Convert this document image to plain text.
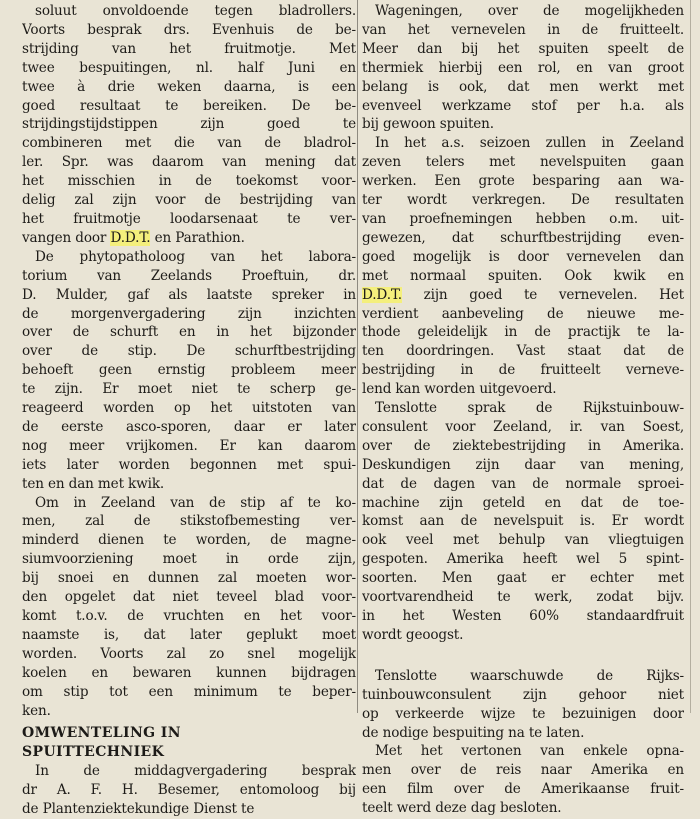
soluut onvoldoende tegen bladrollers.
Voorts besprak drs. Evenhuis de be-
strijding van het fruitmotje. Met
twee bespuitingen, nl. half Juni en
twee à drie weken daarna, is een
goed resultaat te bereiken. De be-
strijdingstijdstippen zijn goed te
combineren met die van de bladrol-
ler. Spr. was daarom van mening dat
het misschien in de toekomst voor-
delig zal zijn voor de bestrijding van
het fruitmotje loodarsenaat te ver-
vangen door D.D.T. en Parathion.

De phytopatholoog van het labora-
torium van Zeelands Proeftuin, dr.
D. Mulder, gaf als laatste spreker in
de morgenvergadering zijn inzichten
over de schurft en in het bijzonder
over de stip. De schurftbestrijding
behoeft geen ernstig probleem meer
te zijn. Er moet niet te scherp ge-
reageerd worden op het uitstoten van
de eerste asco-sporen, daar er later
nog meer vrijkomen. Er kan daarom
iets later worden begonnen met spui-
ten en dan met kwik.

Om in Zeeland van de stip af te ko-
men, zal de stikstofbemesting ver-
minderd dienen te worden, de magne-
siumvoorziening moet in orde zijn,
bij snoei en dunnen zal moeten wor-
den opgelet dat niet teveel blad voor-
komt t.o.v. de vruchten en het voor-
naamste is, dat later geplukt moet
worden. Voorts zal zo snel mogelijk
koelen en bewaren kunnen bijdragen
om stip tot een minimum te beper-
ken.

OMWENTELING IN
SPUITTECHNIEK

In de middagvergadering besprak
dr A. F. H. Besemer, entomoloog bij
de Plantenziektekundige Dienst te

Wageningen, over de mogelijkheden
van het vernevelen in de fruitteelt.
Meer dan bij het spuiten speelt de
thermiek hierbij een rol, en van groot
belang is ook, dat men werkt met
evenveel werkzame stof per h.a. als
bij gewoon spuiten.

In het a.s. seizoen zullen in Zeeland
zeven telers met nevelspuiten gaan
werken. Een grote besparing aan wa-
ter wordt verkregen. De resultaten
van proefnemingen hebben o.m. uit-
gewezen, dat schurftbestrijding even-
goed mogelijk is door vernevelen dan
met normaal spuiten. Ook kwik en
D.D.T. zijn goed te vernevelen. Het
verdient aanbeveling de nieuwe me-
thode geleidelijk in de practijk te la-
ten doordringen. Vast staat dat de
bestrijding in de fruitteelt verneve-
lend kan worden uitgevoerd.

Tenslotte sprak de Rijkstuinbouw-
consulent voor Zeeland, ir. van Soest,
over de ziektebestrijding in Amerika.
Deskundigen zijn daar van mening,
dat de dagen van de normale sproei-
machine zijn geteld en dat de toe-
komst aan de nevelspuit is. Er wordt
ook veel met behulp van vliegtuigen
gespoten. Amerika heeft wel 5 spint-
soorten. Men gaat er echter met
voortvarendheid te werk, zodat bijv.
in het Westen 60% standaardfruit
wordt geoogst.

Tenslotte waarschuwde de Rijks-
tuinbouwconsulent zijn gehoor niet
op verkeerde wijze te bezuinigen door
de nodige bespuiting na te laten.

Met het vertonen van enkele opna-
men over de reis naar Amerika en
een film over de Amerikaanse fruit-
teelt werd deze dag besloten.
